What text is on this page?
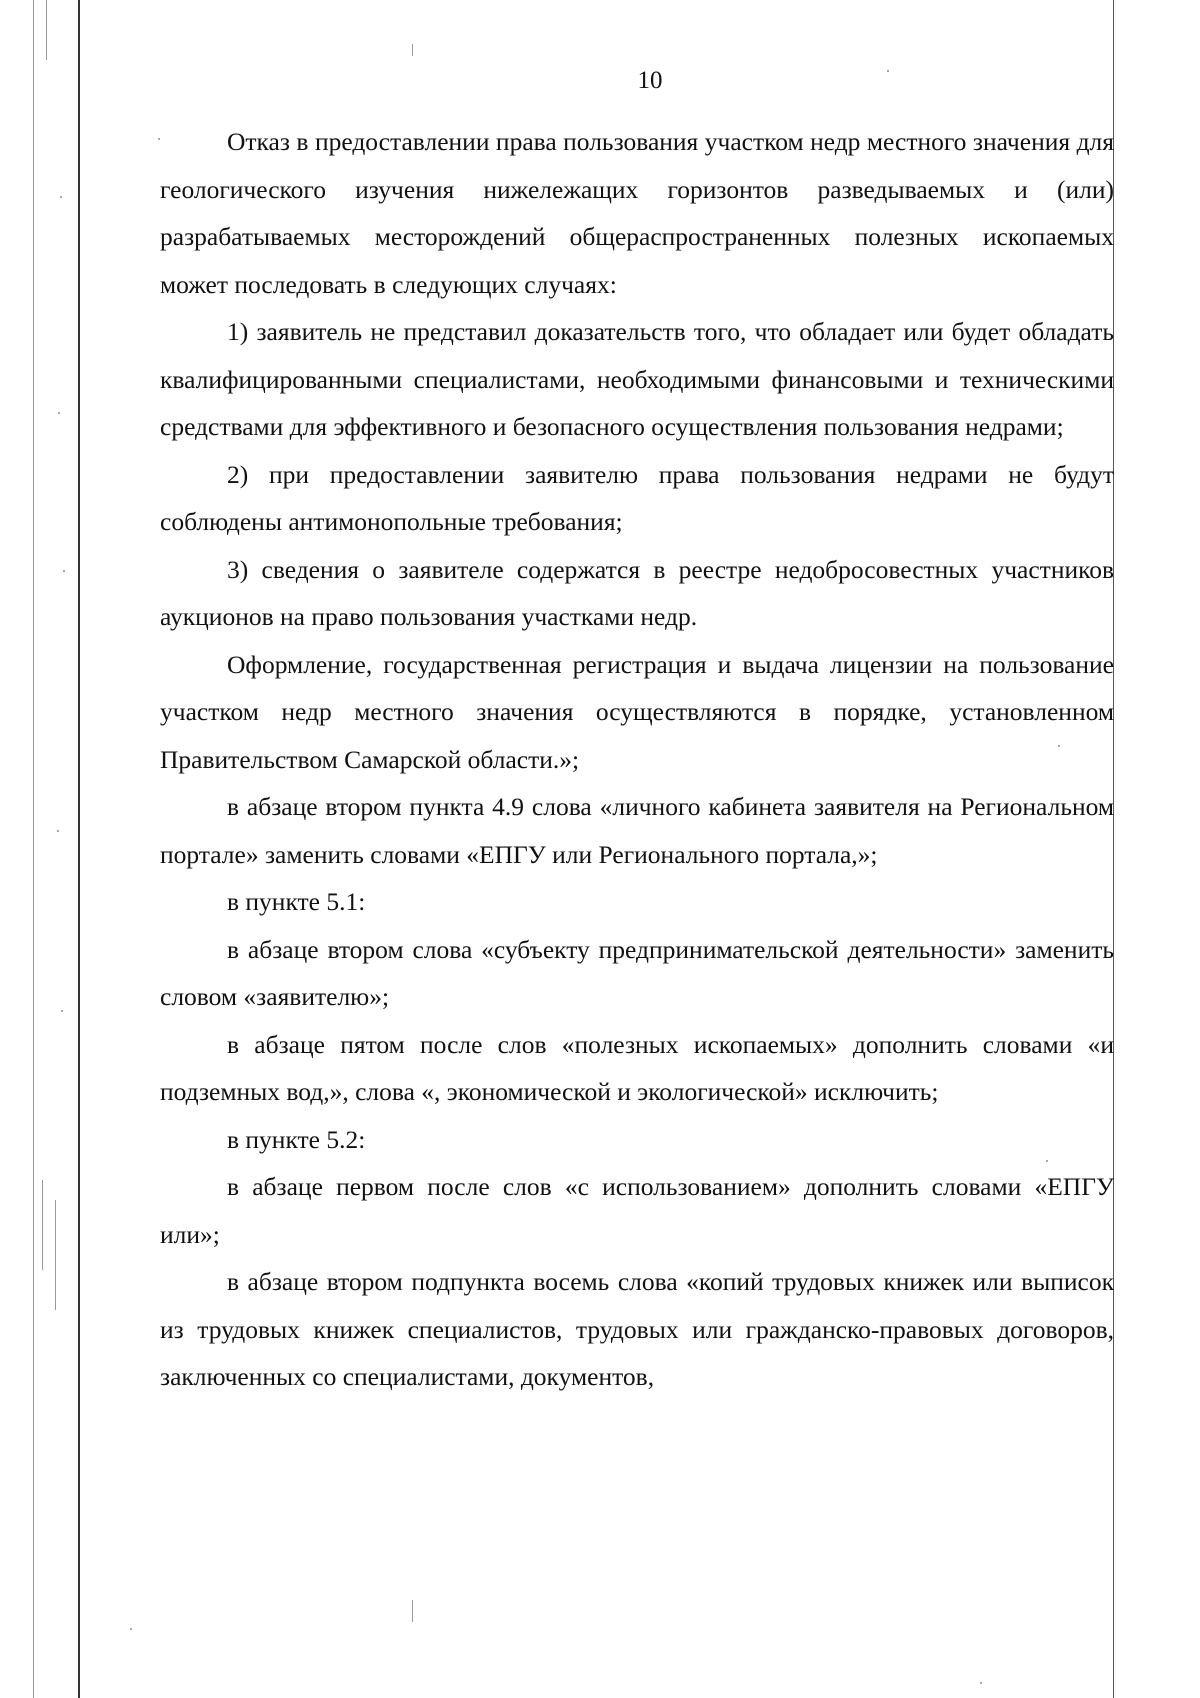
10

Отказ в предоставлении права пользования участком недр местного значения для геологического изучения нижележащих горизонтов разведываемых и (или) разрабатываемых месторождений общераспространенных полезных ископаемых может последовать в следующих случаях:

1) заявитель не представил доказательств того, что обладает или будет обладать квалифицированными специалистами, необходимыми финансовыми и техническими средствами для эффективного и безопасного осуществления пользования недрами;

2) при предоставлении заявителю права пользования недрами не будут соблюдены антимонопольные требования;

3) сведения о заявителе содержатся в реестре недобросовестных участников аукционов на право пользования участками недр.

Оформление, государственная регистрация и выдача лицензии на пользование участком недр местного значения осуществляются в порядке, установленном Правительством Самарской области.»;

в абзаце втором пункта 4.9 слова «личного кабинета заявителя на Региональном портале» заменить словами «ЕПГУ или Регионального портала,»;

в пункте 5.1:

в абзаце втором слова «субъекту предпринимательской деятельности» заменить словом «заявителю»;

в абзаце пятом после слов «полезных ископаемых» дополнить словами «и подземных вод,», слова «, экономической и экологической» исключить;

в пункте 5.2:

в абзаце первом после слов «с использованием» дополнить словами «ЕПГУ или»;

в абзаце втором подпункта восемь слова «копий трудовых книжек или выписок из трудовых книжек специалистов, трудовых или гражданско-правовых договоров, заключенных со специалистами, документов,
